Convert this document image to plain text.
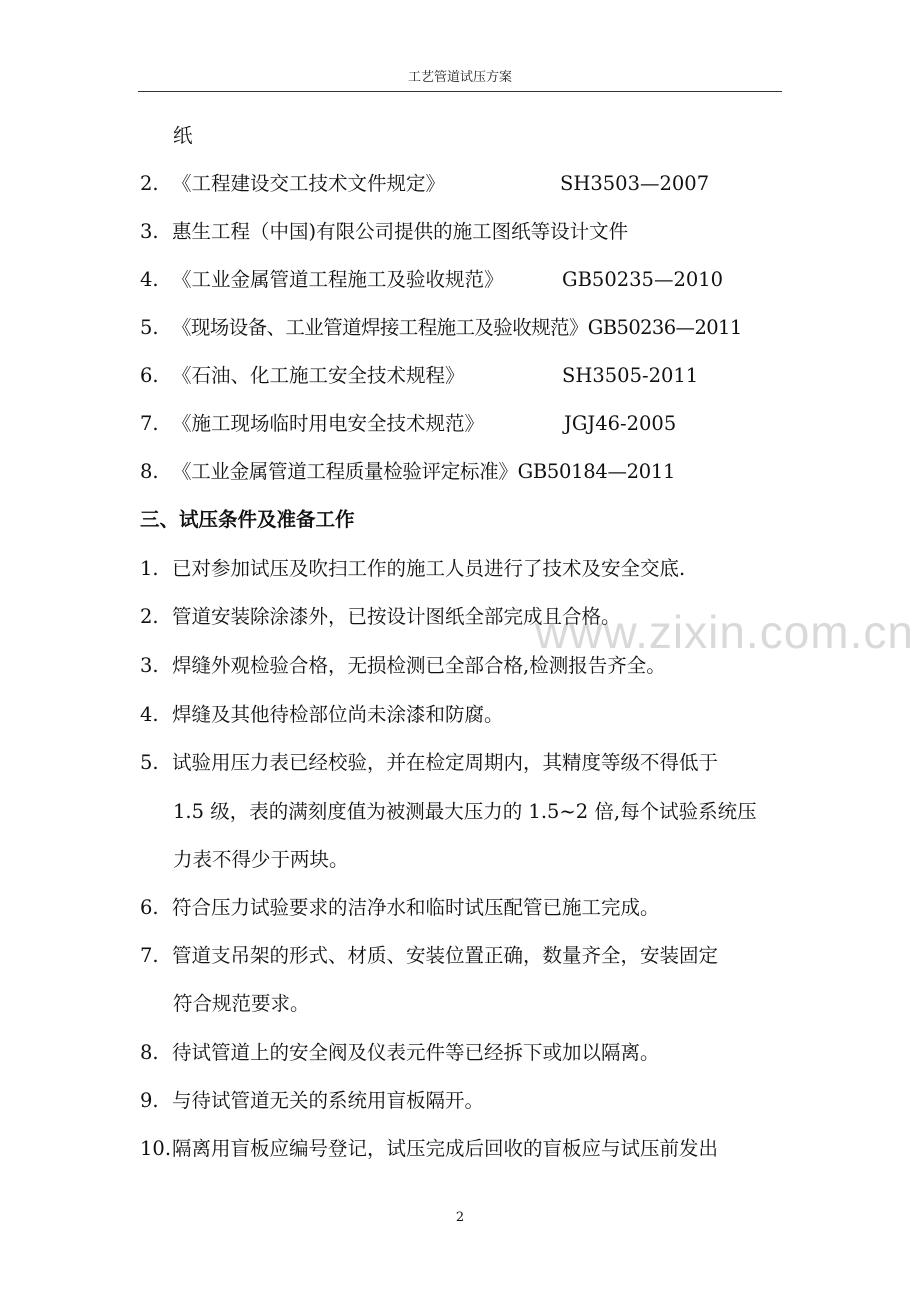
工艺管道试压方案
www.zixin.com.cn
纸
2. 《工程建设交工技术文件规定》	SH3503—2007
3. 惠生工程（中国)有限公司提供的施工图纸等设计文件
4. 《工业金属管道工程施工及验收规范》	GB50235—2010
5. 《现场设备、工业管道焊接工程施工及验收规范》GB50236—2011
6. 《石油、化工施工安全技术规程》	SH3505-2011
7. 《施工现场临时用电安全技术规范》	JGJ46-2005
8. 《工业金属管道工程质量检验评定标准》GB50184—2011
三、试压条件及准备工作
1. 已对参加试压及吹扫工作的施工人员进行了技术及安全交底.
2. 管道安装除涂漆外，已按设计图纸全部完成且合格。
3. 焊缝外观检验合格，无损检测已全部合格,检测报告齐全。
4. 焊缝及其他待检部位尚未涂漆和防腐。
5. 试验用压力表已经校验，并在检定周期内，其精度等级不得低于
1.5 级，表的满刻度值为被测最大压力的 1.5~2 倍,每个试验系统压
力表不得少于两块。
6. 符合压力试验要求的洁净水和临时试压配管已施工完成。
7. 管道支吊架的形式、材质、安装位置正确，数量齐全，安装固定
符合规范要求。
8. 待试管道上的安全阀及仪表元件等已经拆下或加以隔离。
9. 与待试管道无关的系统用盲板隔开。
10.隔离用盲板应编号登记，试压完成后回收的盲板应与试压前发出
2
